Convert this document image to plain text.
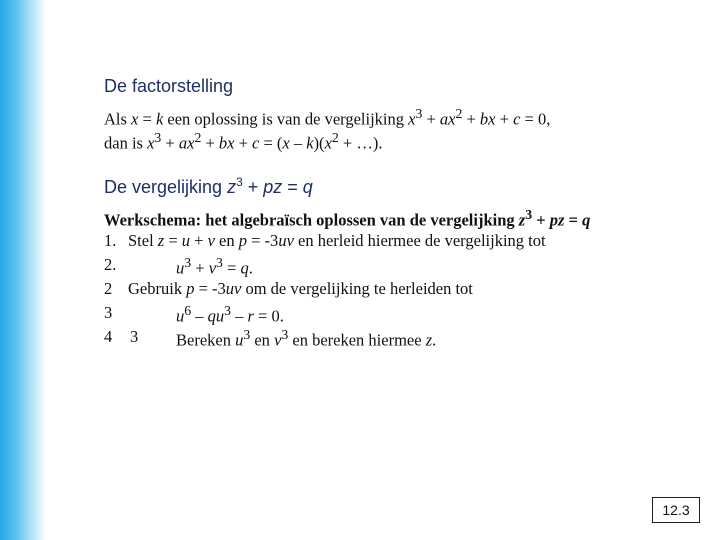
De factorstelling
Als x = k een oplossing is van de vergelijking $x^3 + ax^2$ + bx + c = 0,
dan is $x^3 + ax^2$ + bx + $c = (x - k)(x^2$ + …).
De vergelijking $z^3$ + pz = q
Werkschema: het algebraïsch oplossen van de vergelijking $z^3$ + pz = q
1. Stel z = u + v en p = -3uv en herleid hiermee de vergelijking tot
2.	$u^3 + v^3 = q$.
2 Gebruik p = -3uv om de vergelijking te herleiden tot
3	$u^6 - qu^3 - r = 0$.
4 3 Bereken $u^3$ en $v^3$ en bereken hiermee z.
12.3
